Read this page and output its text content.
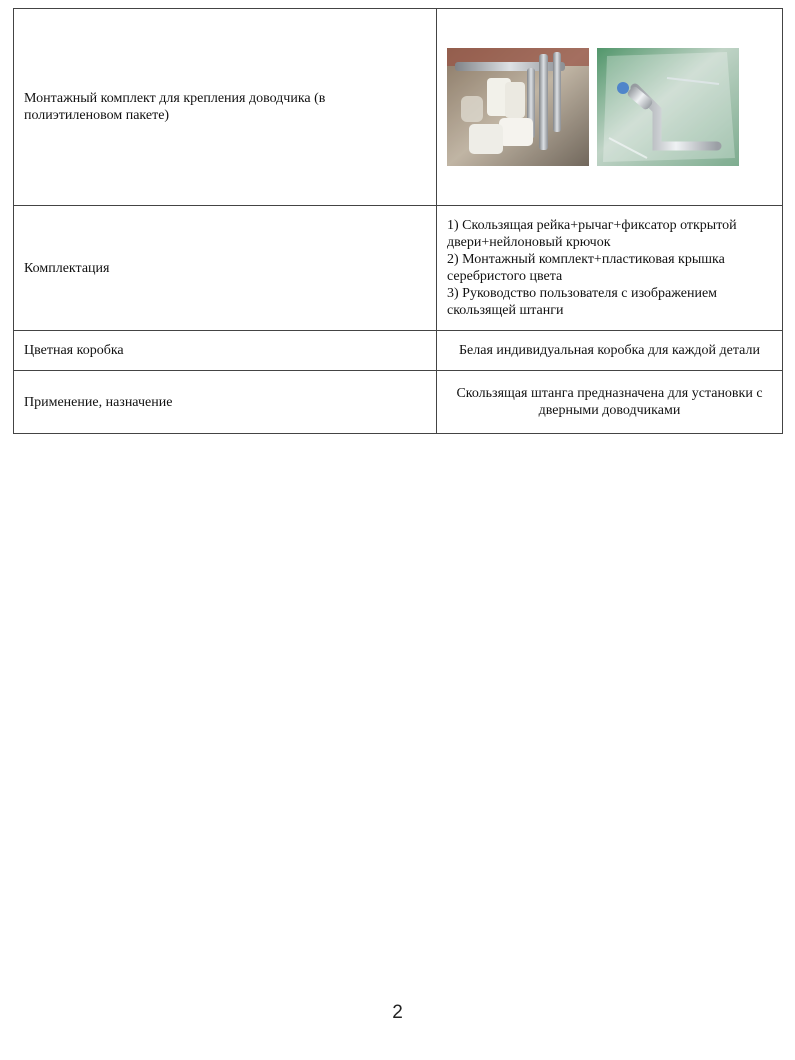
Монтажный комплект для крепления доводчика (в полиэтиленовом пакете)	

Комплектация	1) Скользящая рейка+рычаг+фиксатор открытой двери+нейлоновый крючок
2) Монтажный комплект+пластиковая крышка серебристого цвета
3) Руководство пользователя с изображением скользящей штанги

Цветная коробка	Белая индивидуальная коробка для каждой детали
Применение, назначение	Скользящая штанга предназначена для установки с дверными доводчиками
2
